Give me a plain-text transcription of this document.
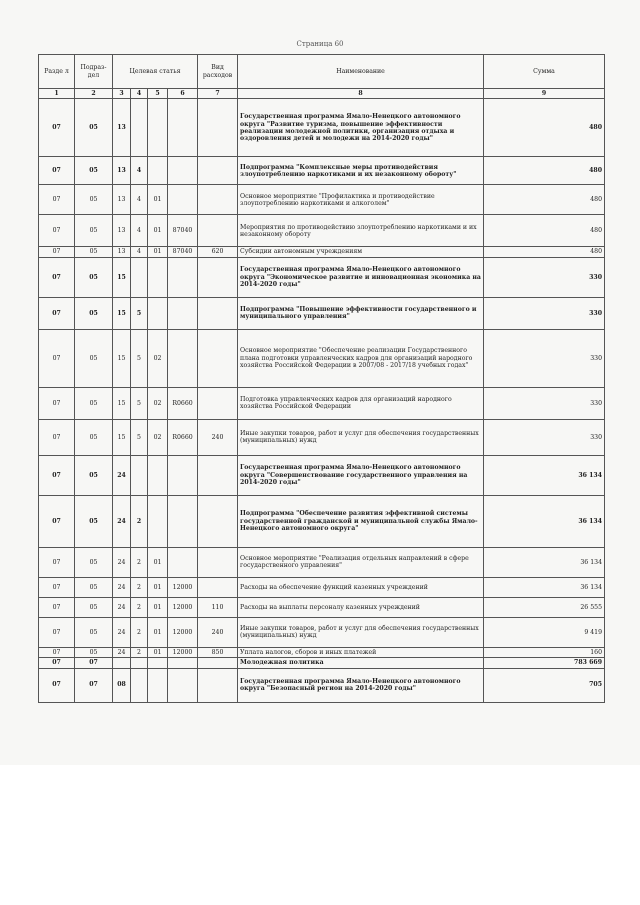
Страница 60
Разде л	Подраз- дел	Целевая статья				Вид расходов	Наименование	Сумма
1	2	3	4	5	6	7	8	9
07	05	13					Государственная программа Ямало-Ненецкого автономного округа "Развитие туризма, повышение эффективности реализации молодежной политики, организация отдыха и оздоровления детей и молодежи на 2014-2020 годы"	480
07	05	13	4				Подпрограмма "Комплексные меры противодействия злоупотреблению наркотиками и их незаконному обороту"	480
07	05	13	4	01			Основное мероприятие "Профилактика и противодействие злоупотреблению наркотиками и алкоголем"	480
07	05	13	4	01	87040		Мероприятия по противодействию злоупотреблению наркотиками и их незаконному обороту	480
07	05	13	4	01	87040	620	Субсидии автономным учреждениям	480
07	05	15					Государственная программа Ямало-Ненецкого автономного округа "Экономическое развитие и инновационная экономика на 2014-2020 годы"	330
07	05	15	5				Подпрограмма "Повышение эффективности государственного и муниципального управления"	330
07	05	15	5	02			Основное мероприятие "Обеспечение реализации Государственного плана подготовки управленческих кадров для организаций народного хозяйства Российской Федерации в 2007/08 - 2017/18 учебных годах"	330
07	05	15	5	02	R0660		Подготовка управленческих кадров для организаций народного хозяйства Российской Федерации	330
07	05	15	5	02	R0660	240	Иные закупки товаров, работ и услуг для обеспечения государственных (муниципальных) нужд	330
07	05	24					Государственная программа Ямало-Ненецкого автономного округа "Совершенствование государственного управления на 2014-2020 годы"	36 134
07	05	24	2				Подпрограмма "Обеспечение развития эффективной системы государственной гражданской и муниципальной службы Ямало-Ненецкого автономного округа"	36 134
07	05	24	2	01			Основное мероприятие "Реализация отдельных направлений в сфере государственного управления"	36 134
07	05	24	2	01	12000		Расходы на обеспечение функций казенных учреждений	36 134
07	05	24	2	01	12000	110	Расходы на выплаты персоналу казенных учреждений	26 555
07	05	24	2	01	12000	240	Иные закупки товаров, работ и услуг для обеспечения государственных (муниципальных) нужд	9 419
07	05	24	2	01	12000	850	Уплата налогов, сборов и иных платежей	160
07	07						Молодежная политика	783 669
07	07	08					Государственная программа Ямало-Ненецкого автономного округа "Безопасный регион на 2014-2020 годы"	705
